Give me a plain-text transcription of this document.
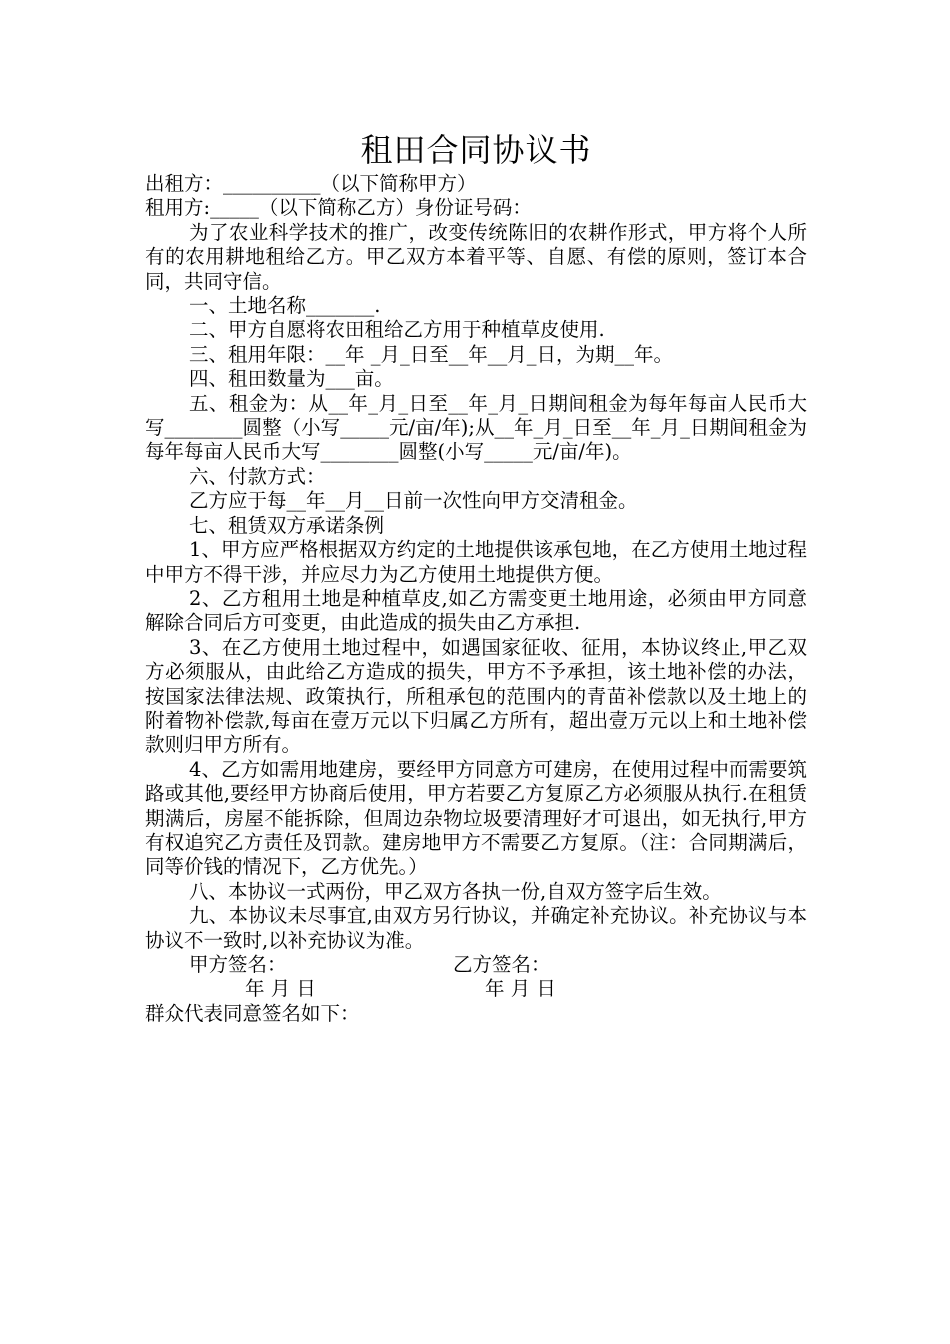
租田合同协议书

出租方：__________（以下简称甲方）

租用方:_____（以下简称乙方）身份证号码：

为了农业科学技术的推广，改变传统陈旧的农耕作形式，甲方将个人所有的农用耕地租给乙方。甲乙双方本着平等、自愿、有偿的原则，签订本合同，共同守信。

一、土地名称_______.

二、甲方自愿将农田租给乙方用于种植草皮使用.

三、租用年限：__年 _月_日至__年__月_日，为期__年。

四、租田数量为___亩。

五、租金为：从__年_月_日至__年_月_日期间租金为每年每亩人民币大写________圆整（小写_____元/亩/年);从__年_月_日至__年_月_日期间租金为每年每亩人民币大写________圆整(小写_____元/亩/年)。

六、付款方式：

乙方应于每__年__月__日前一次性向甲方交清租金。

七、租赁双方承诺条例

1、甲方应严格根据双方约定的土地提供该承包地，在乙方使用土地过程中甲方不得干涉，并应尽力为乙方使用土地提供方便。

2、乙方租用土地是种植草皮,如乙方需变更土地用途，必须由甲方同意解除合同后方可变更，由此造成的损失由乙方承担.

3、在乙方使用土地过程中，如遇国家征收、征用，本协议终止,甲乙双方必须服从，由此给乙方造成的损失，甲方不予承担，该土地补偿的办法，按国家法律法规、政策执行，所租承包的范围内的青苗补偿款以及土地上的附着物补偿款,每亩在壹万元以下归属乙方所有，超出壹万元以上和土地补偿款则归甲方所有。

4、乙方如需用地建房，要经甲方同意方可建房，在使用过程中而需要筑路或其他,要经甲方协商后使用，甲方若要乙方复原乙方必须服从执行.在租赁期满后，房屋不能拆除，但周边杂物垃圾要清理好才可退出，如无执行,甲方有权追究乙方责任及罚款。建房地甲方不需要乙方复原。（注：合同期满后，同等价钱的情况下，乙方优先。）

八、本协议一式两份，甲乙双方各执一份,自双方签字后生效。

九、本协议未尽事宜,由双方另行协议，并确定补充协议。补充协议与本协议不一致时,以补充协议为准。

甲方签名：	乙方签名：
年 月 日	年 月 日

群众代表同意签名如下：
